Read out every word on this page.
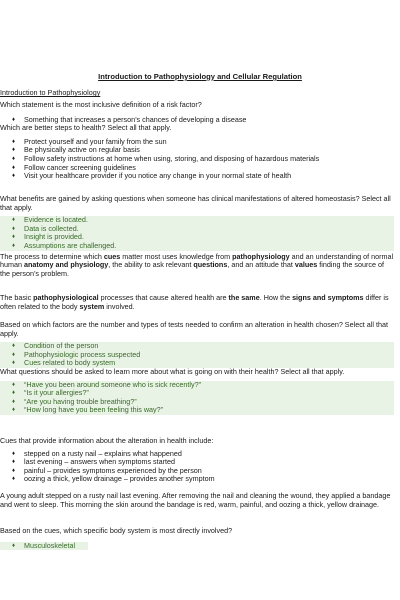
Introduction to Pathophysiology and Cellular Regulation

Introduction to Pathophysiology

Which statement is the most inclusive definition of a risk factor?

♦ Something that increases a person’s chances of developing a disease

Which are better steps to health? Select all that apply.

♦ Protect yourself and your family from the sun
♦ Be physically active on regular basis
♦ Follow safety instructions at home when using, storing, and disposing of hazardous materials
♦ Follow cancer screening guidelines
♦ Visit your healthcare provider if you notice any change in your normal state of health

What benefits are gained by asking questions when someone has clinical manifestations of altered homeostasis? Select all that apply.

♦ Evidence is located.
♦ Data is collected.
♦ Insight is provided.
♦ Assumptions are challenged.

The process to determine which cues matter most uses knowledge from pathophysiology and an understanding of normal human anatomy and physiology, the ability to ask relevant questions, and an attitude that values finding the source of the person’s problem.

The basic pathophysiological processes that cause altered health are the same. How the signs and symptoms differ is often related to the body system involved.

Based on which factors are the number and types of tests needed to confirm an alteration in health chosen? Select all that apply.

♦ Condition of the person
♦ Pathophysiologic process suspected
♦ Cues related to body system

What questions should be asked to learn more about what is going on with their health? Select all that apply.

♦ “Have you been around someone who is sick recently?”
♦ “Is it your allergies?”
♦ “Are you having trouble breathing?”
♦ “How long have you been feeling this way?”

Cues that provide information about the alteration in health include:

♦ stepped on a rusty nail – explains what happened
♦ last evening – answers when symptoms started
♦ painful – provides symptoms experienced by the person
♦ oozing a thick, yellow drainage – provides another symptom

A young adult stepped on a rusty nail last evening. After removing the nail and cleaning the wound, they applied a bandage and went to sleep. This morning the skin around the bandage is red, warm, painful, and oozing a thick, yellow drainage.

Based on the cues, which specific body system is most directly involved?

♦ Musculoskeletal
